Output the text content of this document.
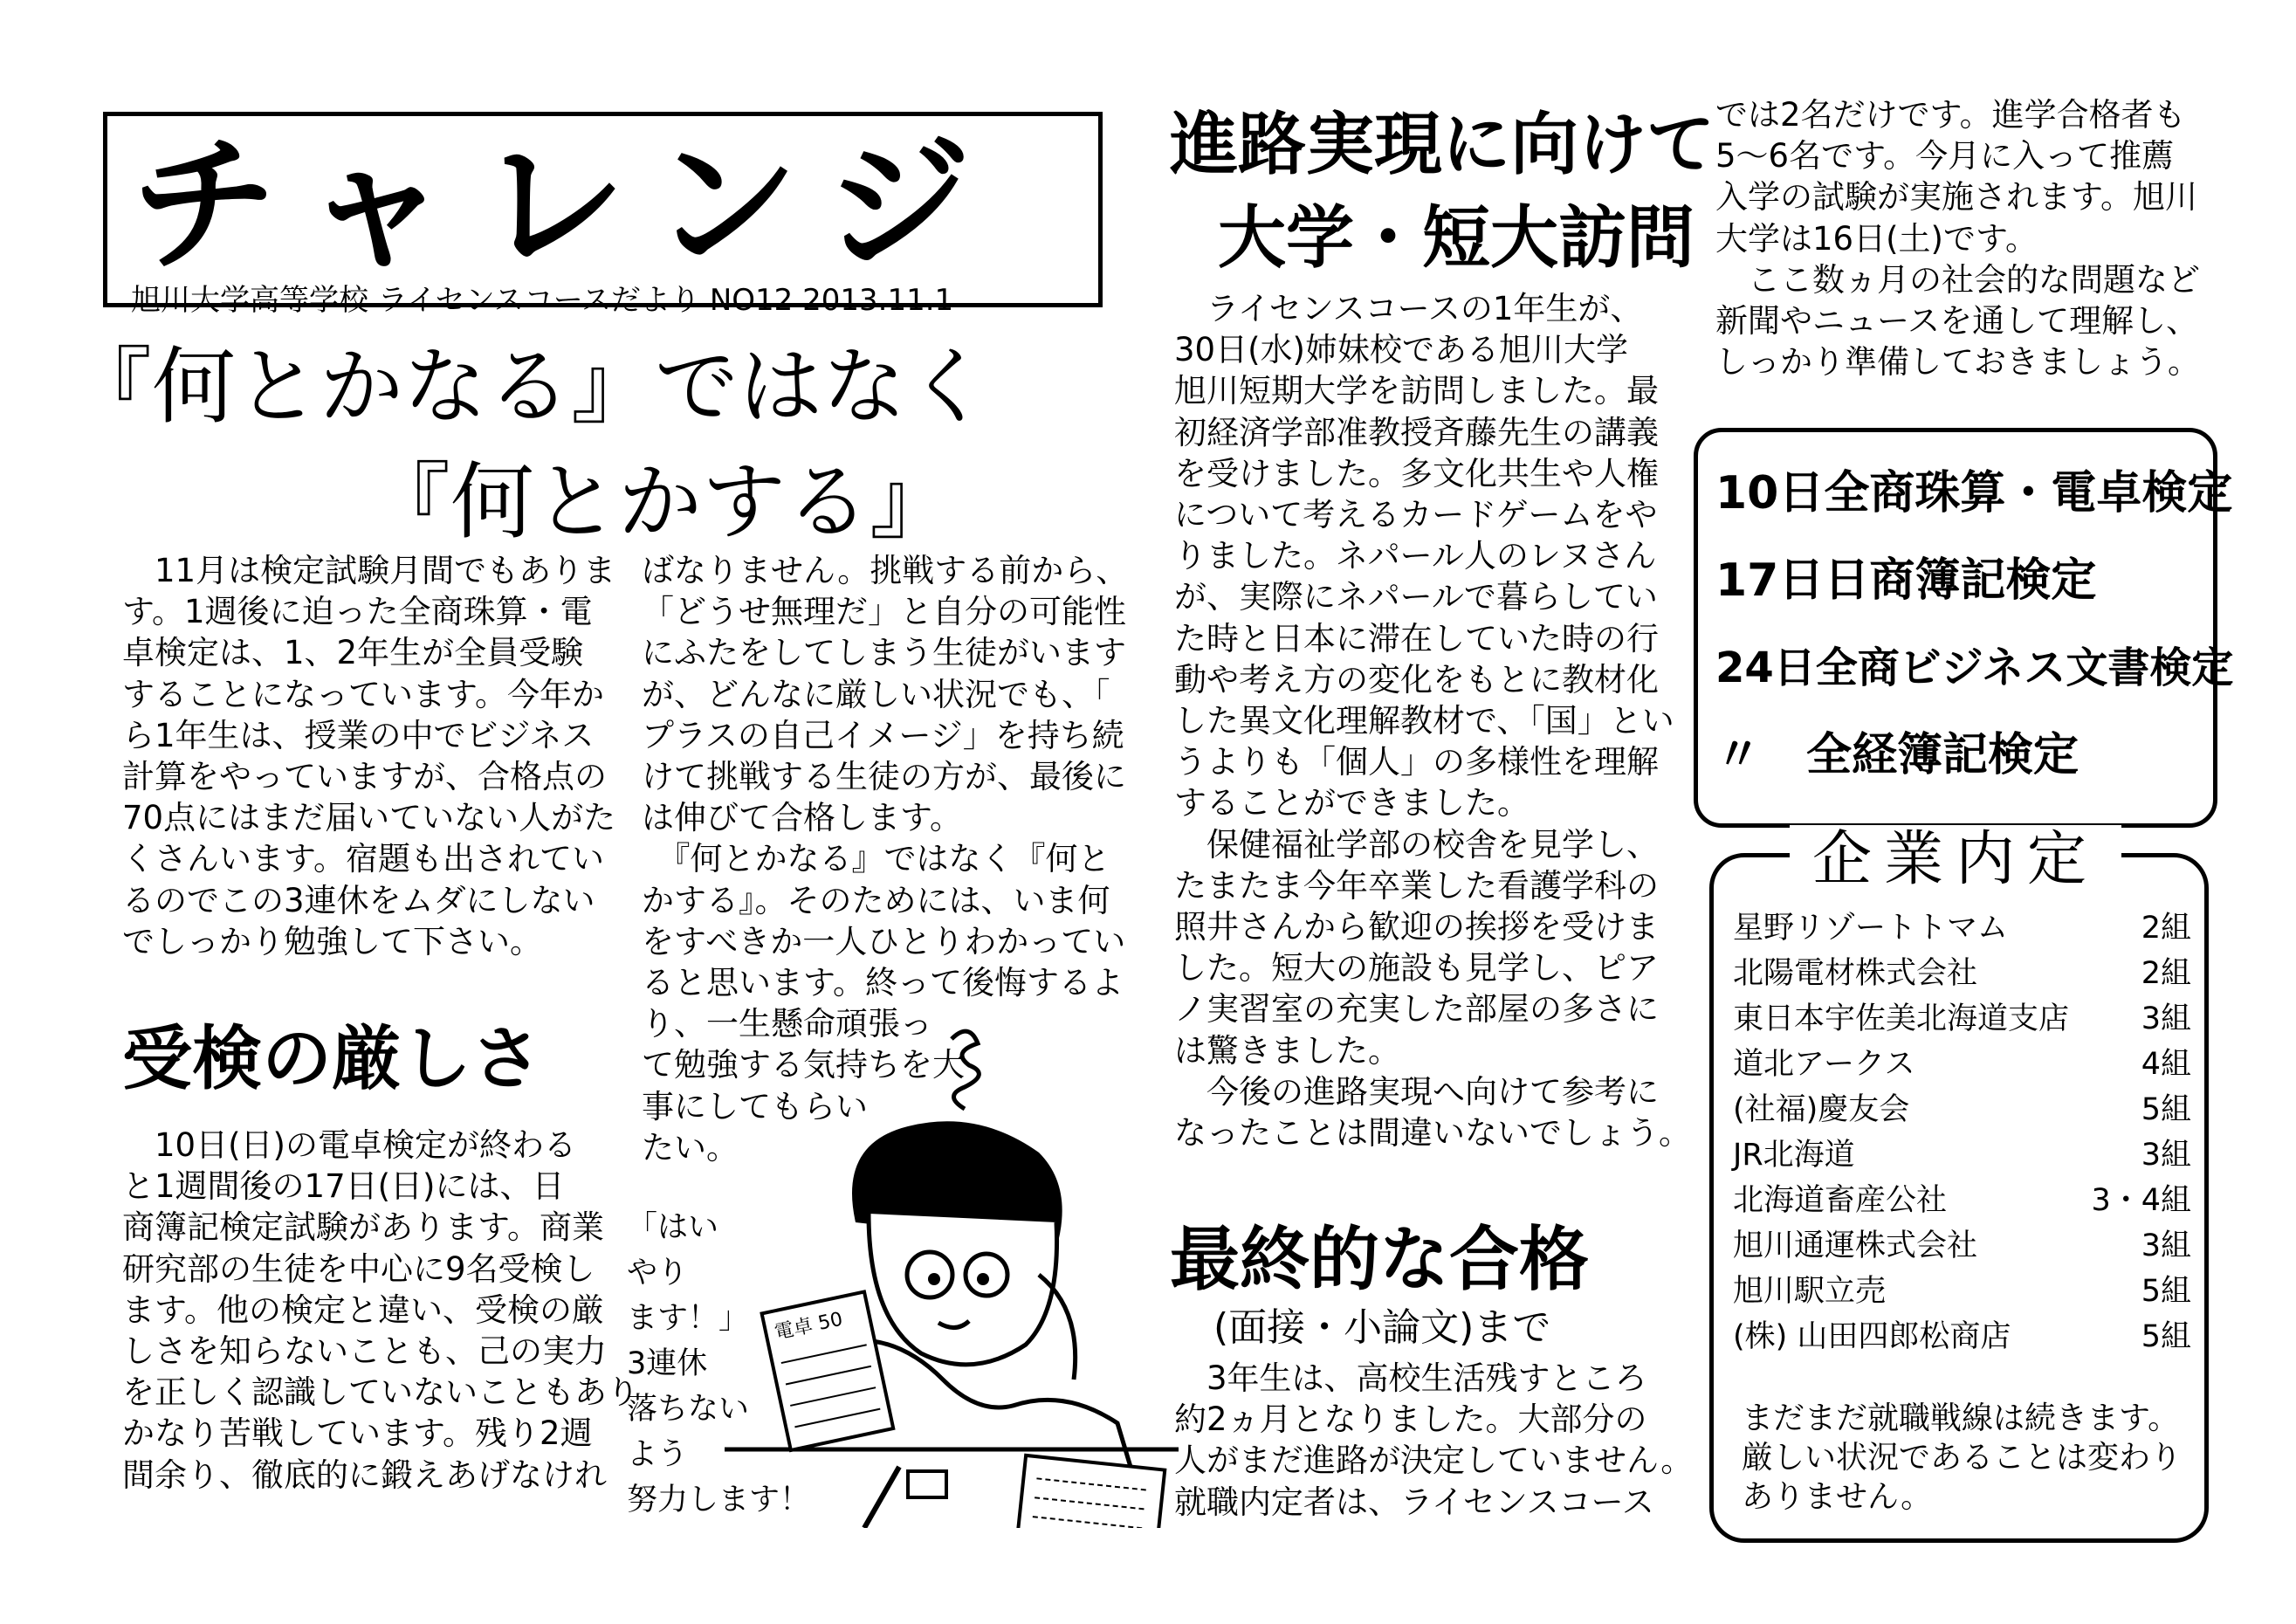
チャレンジ
旭川大学高等学校 ライセンスコースだより NO12 2013.11.1
『何とかなる』ではなく
『何とかする』
　11月は検定試験月間でもありま
す。1週後に迫った全商珠算・電
卓検定は、1、2年生が全員受験
することになっています。今年か
ら1年生は、授業の中でビジネス
計算をやっていますが、合格点の
70点にはまだ届いていない人がた
くさんいます。宿題も出されてい
るのでこの3連休をムダにしない
でしっかり勉強して下さい。
受検の厳しさ
　10日(日)の電卓検定が終わる
と1週間後の17日(日)には、日
商簿記検定試験があります。商業
研究部の生徒を中心に9名受検し
ます。他の検定と違い、受検の厳
しさを知らないことも、己の実力
を正しく認識していないこともあり
かなり苦戦しています。残り2週
間余り、徹底的に鍛えあげなけれ
ばなりません。挑戦する前から、
「どうせ無理だ」と自分の可能性
にふたをしてしまう生徒がいます
が、どんなに厳しい状況でも、「
プラスの自己イメージ」を持ち続
けて挑戦する生徒の方が、最後に
は伸びて合格します。
　『何とかなる』ではなく『何と
かする』。そのためには、いま何
をすべきか一人ひとりわかってい
ると思います。終って後悔するよ
り、一生懸命頑張っ
て勉強する気持ちを大
事にしてもらい
たい。
「はい
やり
ます！」
3連休
落ちない
よう
努力します！
電卓 50
進路実現に向けて
大学・短大訪問
　ライセンスコースの1年生が、
30日(水)姉妹校である旭川大学
旭川短期大学を訪問しました。最
初経済学部准教授斉藤先生の講義
を受けました。多文化共生や人権
について考えるカードゲームをや
りました。ネパール人のレヌさん
が、実際にネパールで暮らしてい
た時と日本に滞在していた時の行
動や考え方の変化をもとに教材化
した異文化理解教材で、「国」とい
うよりも「個人」の多様性を理解
することができました。
　保健福祉学部の校舎を見学し、
たまたま今年卒業した看護学科の
照井さんから歓迎の挨拶を受けま
した。短大の施設も見学し、ピア
ノ実習室の充実した部屋の多さに
は驚きました。
　今後の進路実現へ向けて参考に
なったことは間違いないでしょう。
最終的な合格
(面接・小論文)まで
　3年生は、高校生活残すところ
約2ヵ月となりました。大部分の
人がまだ進路が決定していません。
就職内定者は、ライセンスコース
では2名だけです。進学合格者も
5～6名です。今月に入って推薦
入学の試験が実施されます。旭川
大学は16日(土)です。
　ここ数ヵ月の社会的な問題など
新聞やニュースを通して理解し、
しっかり準備しておきましょう。
10日全商珠算・電卓検定
17日日商簿記検定
24日全商ビジネス文書検定
〃　全経簿記検定
企業内定
星野リゾートトマム	2組
北陽電材株式会社	2組
東日本宇佐美北海道支店 3組
道北アークス	4組
(社福)慶友会	5組
JR北海道	3組
北海道畜産公社	3・4組
旭川通運株式会社	3組
旭川駅立売	5組
(株) 山田四郎松商店	5組
まだまだ就職戦線は続きます。
厳しい状況であることは変わり
ありません。
